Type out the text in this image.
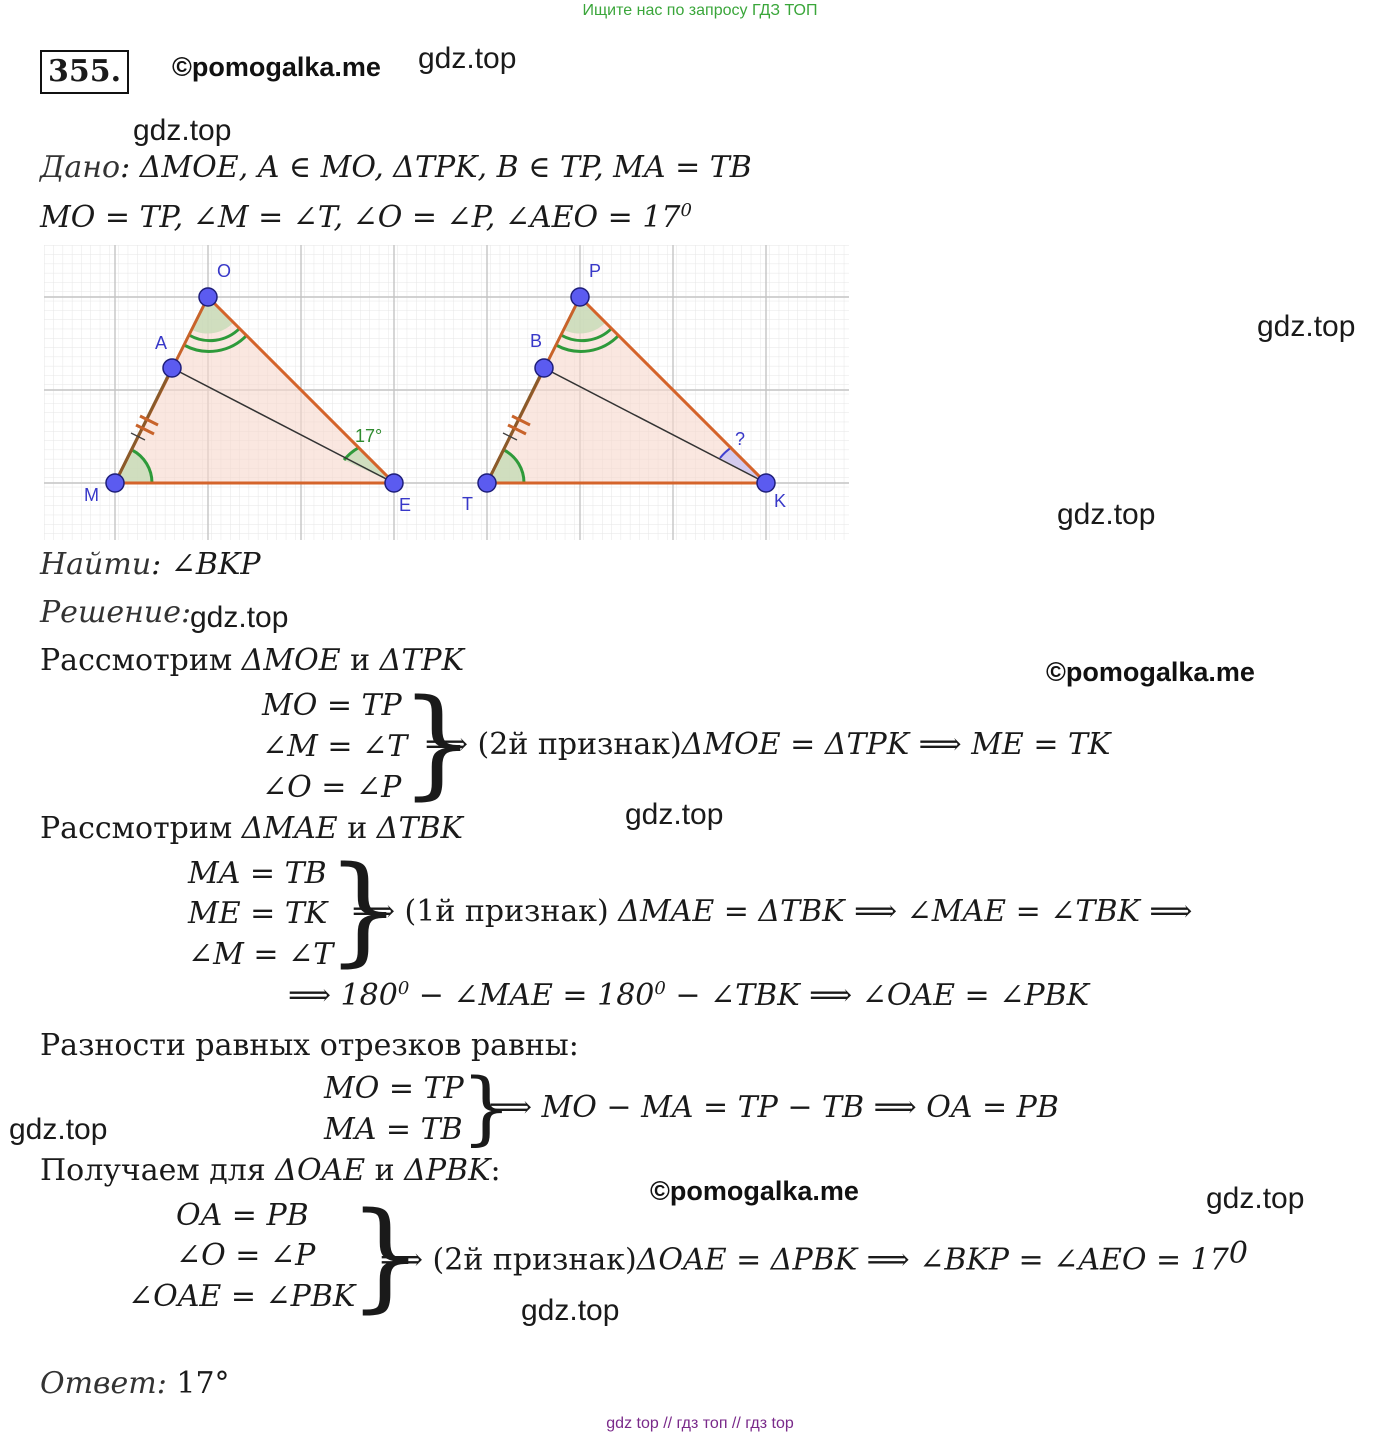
Ищите нас по запросу ГДЗ ТОП
355. ©pomogalka.me gdz.top
gdz.top
Дано: ΔMOE, A ∈ MO, ΔTPK, B ∈ TP, MA = TB
MO = TP, ∠M = ∠T, ∠O = ∠P, ∠AEO = $17^0$
O
A
M	E
17°
P
B
T	K
?
gdz.top
gdz.top
Найти: ∠BKP
Решение:
gdz.top
Рассмотрим ΔMOE и ΔTPK	©pomogalka.me
MO = TP
∠M = ∠T
∠O = ∠P
}
⟹ (2й признак)ΔMOE = ΔTPK ⟹ ME = TK
gdz.top
Рассмотрим ΔMAE и ΔTBK
MA = TB
ME = TK
∠M = ∠T
}
⟹ (1й признак) ΔMAE = ΔTBK ⟹ ∠MAE = ∠TBK ⟹
⟹ $180^0$ − ∠MAE = $180^0$ − ∠TBK ⟹ ∠OAE = ∠PBK
Разности равных отрезков равны:
MO = TP
MA = TB
}
⟹ MO − MA = TP − TB ⟹ OA = PB
gdz.top
Получаем для ΔOAE и ΔPBK:
©pomogalka.me	gdz.top
OA = PB
∠O = ∠P
∠OAE = ∠PBK
}
⟹ (2й признак)ΔOAE = ΔPBK ⟹ ∠BKP = ∠AEO = $17^0$
gdz.top
Ответ: 17°
gdz top // гдз топ // гдз top
